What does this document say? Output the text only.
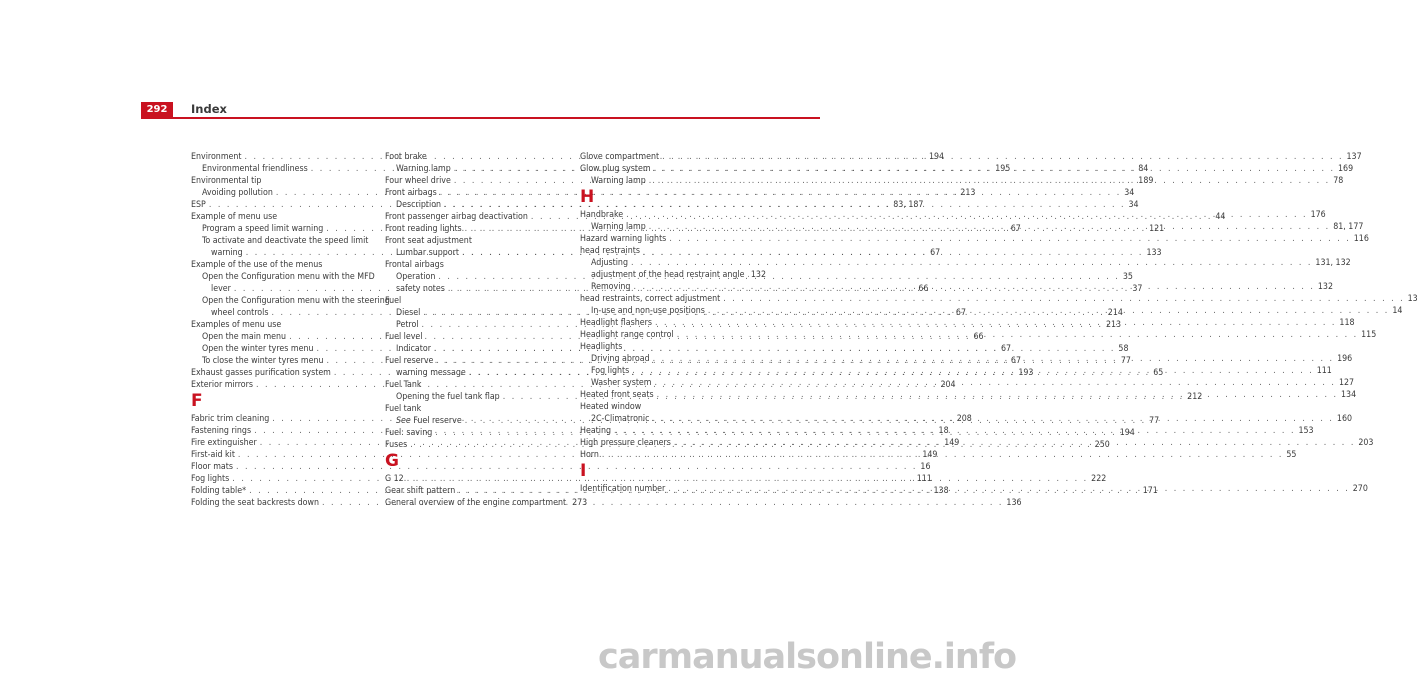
292	Index
Environment . . .	194
Environmental friendliness . . .	195
Environmental tip
Avoiding pollution . . .	213
ESP . . .	83, 187
Example of menu use
Program a speed limit warning . . .	67
To activate and deactivate the speed limit
warning . . .	67
Example of the use of the menus
Open the Configuration menu with the MFD
lever . . .	66
Open the Configuration menu with the steering
wheel controls . . .	67
Examples of menu use
Open the main menu . . .	66
Open the winter tyres menu . . .	67
To close the winter tyres menu . . .	67
Exhaust gasses purification system . . .	193
Exterior mirrors . . .	204
F
Fabric trim cleaning . . .	208
Fastening rings . . .	18
Fire extinguisher . . .	149
First-aid kit . . .	149
Floor mats . . .	16
Fog lights . . .	111
Folding table* . . .	138
Folding the seat backrests down . . .	136
Foot brake
Warning lamp . . .	84
Four wheel drive . . .	189
Front airbags . . .	34
Description . . .	34
Front passenger airbag deactivation . . .	44
Front reading lights . . .	121
Front seat adjustment
Lumbar support . . .	133
Frontal airbags
Operation . . .	35
safety notes . . .	37
Fuel
Diesel . . .	214
Petrol . . .	213
Fuel level
Indicator . . .	58
Fuel reserve . . .	77
warning message . . .	65
Fuel Tank
Opening the fuel tank flap . . .	212
Fuel tank
See Fuel reserve . . .	77
Fuel: saving . . .	194
Fuses . . .	250
G
G 12 . . .	222
Gear shift pattern . . .	171
General overview of the engine compartment 273
Glove compartment . . .	137
Glow plug system . . .	169
Warning lamp . . .	78
H
Handbrake . . .	176
Warning lamp . . .	81, 177
Hazard warning lights . . .	116
head restraints
Adjusting . . .	131, 132
adjustment of the head restraint angle . . . 132
Removing . . .	132
head restraints, correct adjustment . . .	13
In-use and non-use positions . . .	14
Headlight flashers . . .	118
Headlight range control . . .	115
Headlights
Driving abroad . . .	196
Fog lights . . .	111
Washer system . . .	127
Heated front seats . . .	134
Heated window
2C-Climatronic . . .	160
Heating . . .	153
High pressure cleaners . . .	203
Horn . . .	55
I
Identification number . . .	270
carmanualsonline.info
